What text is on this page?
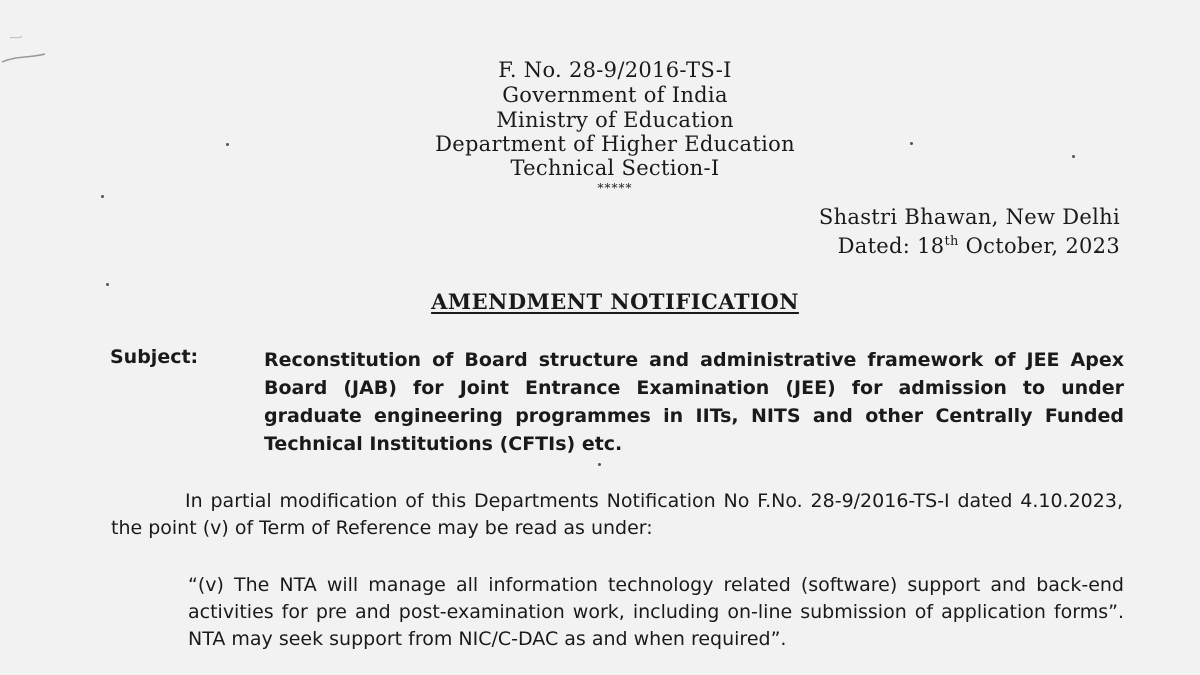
F. No. 28-9/2016-TS-I
Government of India
Ministry of Education
Department of Higher Education
Technical Section-I
*****
Shastri Bhawan, New Delhi
Dated: 18th October, 2023
AMENDMENT NOTIFICATION
Subject:	Reconstitution of Board structure and administrative framework of JEE Apex Board (JAB) for Joint Entrance Examination (JEE) for admission to under graduate engineering programmes in IITs, NITS and other Centrally Funded Technical Institutions (CFTIs) etc.
In partial modification of this Departments Notification No F.No. 28-9/2016-TS-I dated 4.10.2023, the point (v) of Term of Reference may be read as under:
“(v) The NTA will manage all information technology related (software) support and back-end activities for pre and post-examination work, including on-line submission of application forms”. NTA may seek support from NIC/C-DAC as and when required”.
